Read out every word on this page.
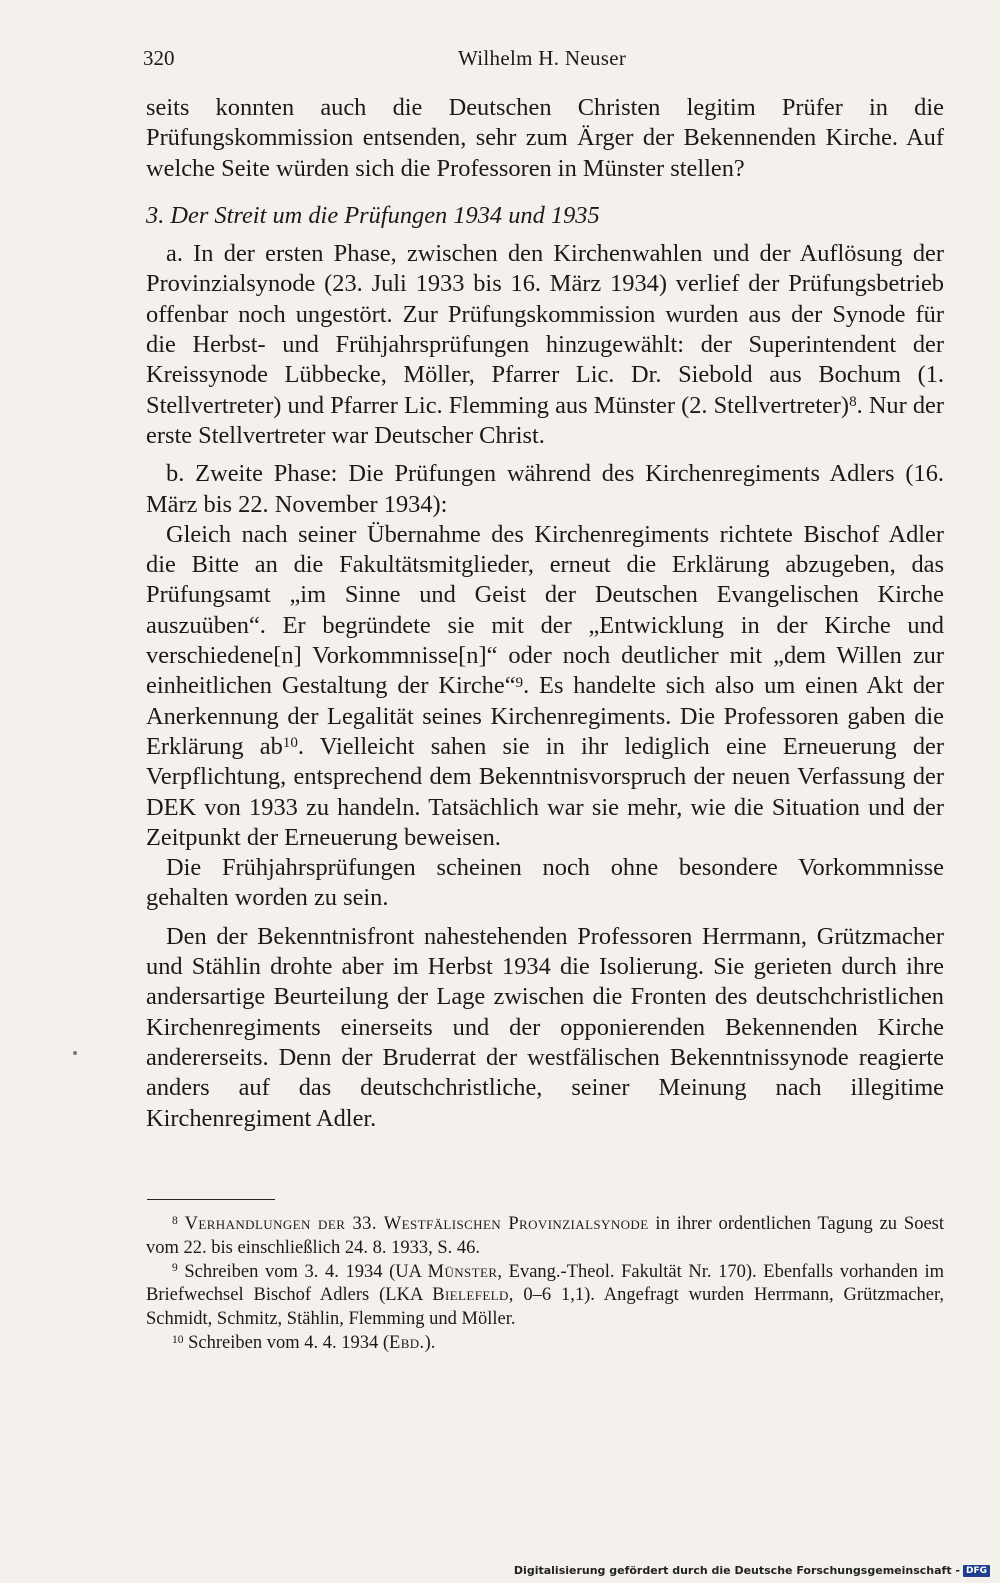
320	Wilhelm H. Neuser

seits konnten auch die Deutschen Christen legitim Prüfer in die Prüfungskommission entsenden, sehr zum Ärger der Bekennenden Kirche. Auf welche Seite würden sich die Professoren in Münster stellen?

3. Der Streit um die Prüfungen 1934 und 1935

a. In der ersten Phase, zwischen den Kirchenwahlen und der Auflösung der Provinzialsynode (23. Juli 1933 bis 16. März 1934) verlief der Prüfungsbetrieb offenbar noch ungestört. Zur Prüfungskommission wurden aus der Synode für die Herbst- und Frühjahrsprüfungen hinzugewählt: der Superintendent der Kreissynode Lübbecke, Möller, Pfarrer Lic. Dr. Siebold aus Bochum (1. Stellvertreter) und Pfarrer Lic. Flemming aus Münster (2. Stellvertreter)$^8$. Nur der erste Stellvertreter war Deutscher Christ.

b. Zweite Phase: Die Prüfungen während des Kirchenregiments Adlers (16. März bis 22. November 1934):

Gleich nach seiner Übernahme des Kirchenregiments richtete Bischof Adler die Bitte an die Fakultätsmitglieder, erneut die Erklärung abzugeben, das Prüfungsamt „im Sinne und Geist der Deutschen Evangelischen Kirche auszuüben“. Er begründete sie mit der „Entwicklung in der Kirche und verschiedene[n] Vorkommnisse[n]“ oder noch deutlicher mit „dem Willen zur einheitlichen Gestaltung der Kirche“$^9$. Es handelte sich also um einen Akt der Anerkennung der Legalität seines Kirchenregiments. Die Professoren gaben die Erklärung $ab^{10}$. Vielleicht sahen sie in ihr lediglich eine Erneuerung der Verpflichtung, entsprechend dem Bekenntnisvorspruch der neuen Verfassung der DEK von 1933 zu handeln. Tatsächlich war sie mehr, wie die Situation und der Zeitpunkt der Erneuerung beweisen.

Die Frühjahrsprüfungen scheinen noch ohne besondere Vorkommnisse gehalten worden zu sein.

Den der Bekenntnisfront nahestehenden Professoren Herrmann, Grützmacher und Stählin drohte aber im Herbst 1934 die Isolierung. Sie gerieten durch ihre andersartige Beurteilung der Lage zwischen die Fronten des deutschchristlichen Kirchenregiments einerseits und der opponierenden Bekennenden Kirche andererseits. Denn der Bruderrat der westfälischen Bekenntnissynode reagierte anders auf das deutschchristliche, seiner Meinung nach illegitime Kirchenregiment Adler.

$^8$ Verhandlungen der 33. Westfälischen Provinzialsynode in ihrer ordentlichen Tagung zu Soest vom 22. bis einschließlich 24. 8. 1933, S. 46.

$^9$ Schreiben vom 3. 4. 1934 (UA Münster, Evang.-Theol. Fakultät Nr. 170). Ebenfalls vorhanden im Briefwechsel Bischof Adlers (LKA Bielefeld, 0–6 1,1). Angefragt wurden Herrmann, Grützmacher, Schmidt, Schmitz, Stählin, Flemming und Möller.

$^{10}$ Schreiben vom 4. 4. 1934 (Ebd.).

Digitalisierung gefördert durch die Deutsche Forschungsgemeinschaft - DFG
